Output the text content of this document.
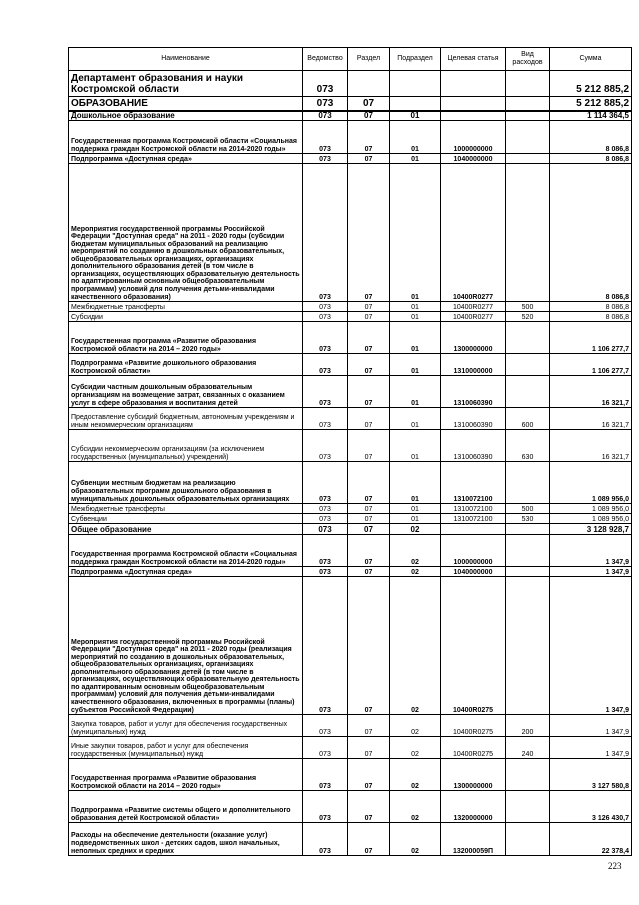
Наименование	Ведомство	Раздел	Подраздел	Целевая статья	Вид расходов	Сумма
Департамент образования и науки Костромской области	073					5 212 885,2
ОБРАЗОВАНИЕ	073	07				5 212 885,2
Дошкольное образование	073	07	01			1 114 364,5
Государственная программа Костромской области «Социальная поддержка граждан Костромской области на 2014-2020 годы»	073	07	01	1000000000		8 086,8
Подпрограмма «Доступная среда»	073	07	01	1040000000		8 086,8
Мероприятия государственной программы Российской Федерации "Доступная среда" на 2011 - 2020 годы (субсидии бюджетам муниципальных образований на реализацию мероприятий по созданию в дошкольных образовательных, общеобразовательных организациях, организациях дополнительного образования детей (в том числе в организациях, осуществляющих образовательную деятельность по адаптированным основным общеобразовательным программам) условий для получения детьми-инвалидами качественного образования)	073	07	01	10400R0277		8 086,8
Межбюджетные трансферты	073	07	01	10400R0277	500	8 086,8
Субсидии	073	07	01	10400R0277	520	8 086,8
Государственная программа «Развитие образования Костромской области на 2014 – 2020 годы»	073	07	01	1300000000		1 106 277,7
Подпрограмма «Развитие дошкольного образования Костромской области»	073	07	01	1310000000		1 106 277,7
Субсидии частным дошкольным образовательным организациям на возмещение затрат, связанных с оказанием услуг в сфере образования и воспитания детей	073	07	01	1310060390		16 321,7
Предоставление субсидий бюджетным, автономным учреждениям и иным некоммерческим организациям	073	07	01	1310060390	600	16 321,7
Субсидии некоммерческим организациям (за исключением государственных (муниципальных) учреждений)	073	07	01	1310060390	630	16 321,7
Субвенции местным бюджетам на реализацию образовательных программ дошкольного образования в муниципальных дошкольных образовательных организациях	073	07	01	1310072100		1 089 956,0
Межбюджетные трансферты	073	07	01	1310072100	500	1 089 956,0
Субвенции	073	07	01	1310072100	530	1 089 956,0
Общее образование	073	07	02			3 128 928,7
Государственная программа Костромской области «Социальная поддержка граждан Костромской области на 2014-2020 годы»	073	07	02	1000000000		1 347,9
Подпрограмма «Доступная среда»	073	07	02	1040000000		1 347,9
Мероприятия государственной программы Российской Федерации "Доступная среда" на 2011 - 2020 годы (реализация мероприятий по созданию в дошкольных образовательных, общеобразовательных организациях, организациях дополнительного образования детей (в том числе в организациях, осуществляющих образовательную деятельность по адаптированным основным общеобразовательным программам) условий для получения детьми-инвалидами качественного образования, включенных в программы (планы) субъектов Российской Федерации)	073	07	02	10400R0275		1 347,9
Закупка товаров, работ и услуг для обеспечения государственных (муниципальных) нужд	073	07	02	10400R0275	200	1 347,9
Иные закупки товаров, работ и услуг для обеспечения государственных (муниципальных) нужд	073	07	02	10400R0275	240	1 347,9
Государственная программа «Развитие образования Костромской области на 2014 – 2020 годы»	073	07	02	1300000000		3 127 580,8
Подпрограмма «Развитие системы общего и дополнительного образования детей Костромской области»	073	07	02	1320000000		3 126 430,7
Расходы на обеспечение деятельности (оказание услуг) подведомственных школ - детских садов, школ начальных, неполных средних и средних	073	07	02	132000059П		22 378,4
223
